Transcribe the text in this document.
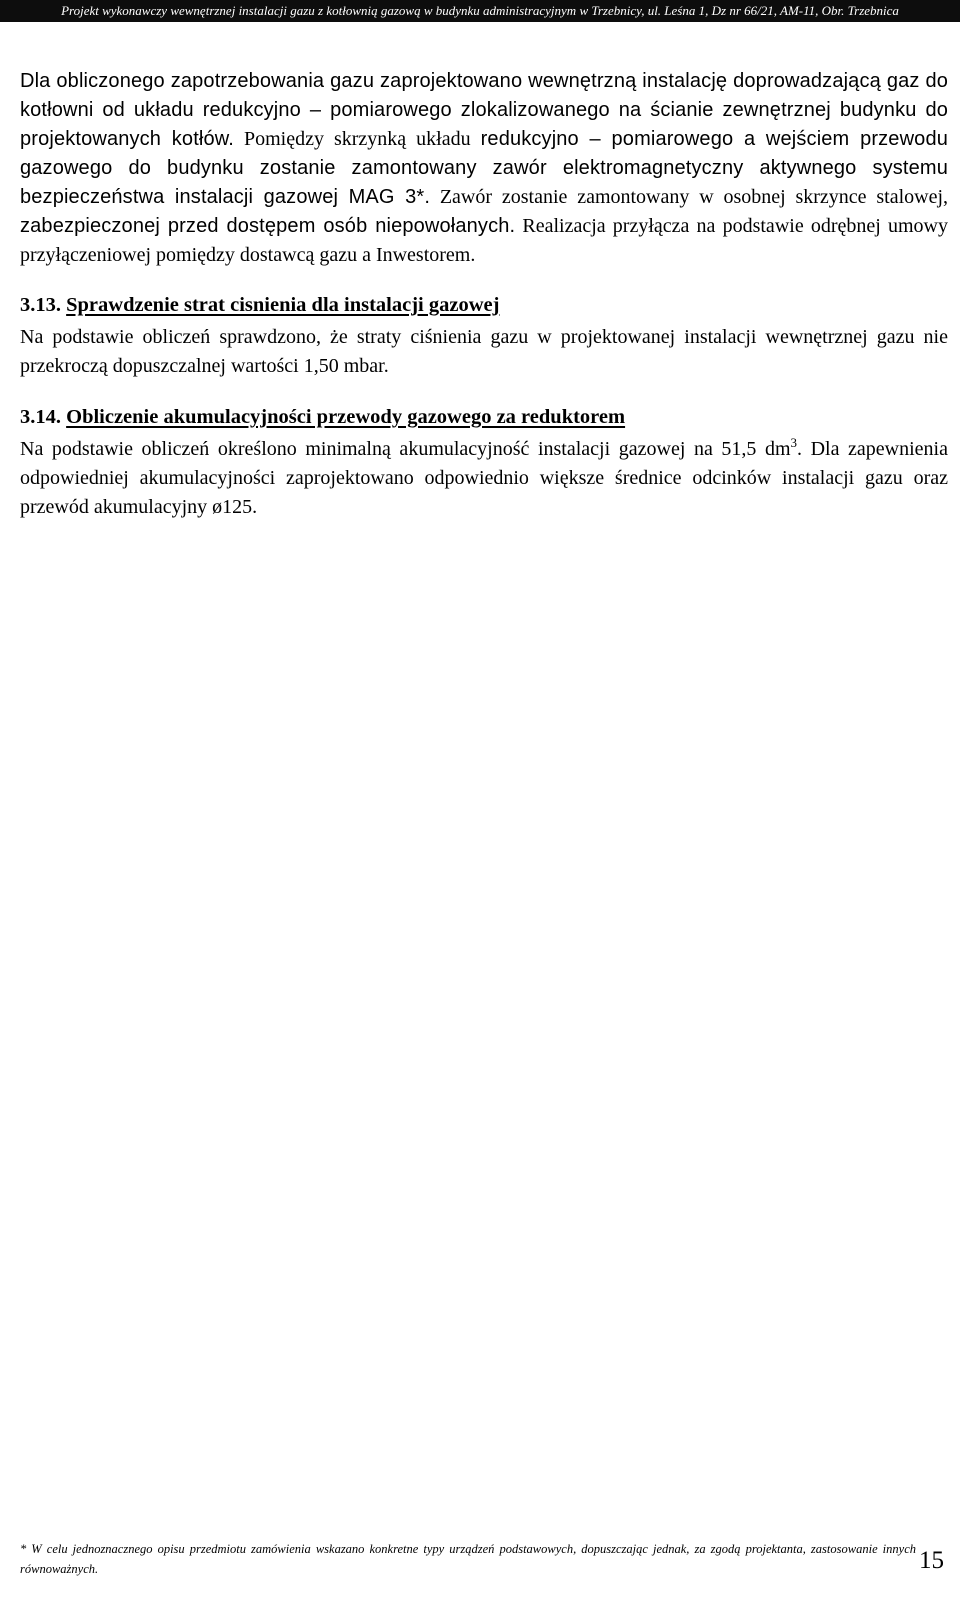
Projekt wykonawczy wewnętrznej instalacji gazu z kotłownią gazową w budynku administracyjnym w Trzebnicy, ul. Leśna 1, Dz nr 66/21, AM-11, Obr. Trzebnica

Dla obliczonego zapotrzebowania gazu zaprojektowano wewnętrzną instalację doprowadzającą gaz do kotłowni od układu redukcyjno – pomiarowego zlokalizowanego na ścianie zewnętrznej budynku do projektowanych kotłów. Pomiędzy skrzynką układu redukcyjno – pomiarowego a wejściem przewodu gazowego do budynku zostanie zamontowany zawór elektromagnetyczny aktywnego systemu bezpieczeństwa instalacji gazowej MAG 3*. Zawór zostanie zamontowany w osobnej skrzynce stalowej, zabezpieczonej przed dostępem osób niepowołanych. Realizacja przyłącza na podstawie odrębnej umowy przyłączeniowej pomiędzy dostawcą gazu a Inwestorem.

3.13. Sprawdzenie strat cisnienia dla instalacji gazowej

Na podstawie obliczeń sprawdzono, że straty ciśnienia gazu w projektowanej instalacji wewnętrznej gazu nie przekroczą dopuszczalnej wartości 1,50 mbar.

3.14. Obliczenie akumulacyjności przewody gazowego za reduktorem

Na podstawie obliczeń określono minimalną akumulacyjność instalacji gazowej na 51,5 $dm^3$. Dla zapewnienia odpowiedniej akumulacyjności zaprojektowano odpowiednio większe średnice odcinków instalacji gazu oraz przewód akumulacyjny ø125.

* W celu jednoznacznego opisu przedmiotu zamówienia wskazano konkretne typy urządzeń podstawowych, dopuszczając jednak, za zgodą projektanta, zastosowanie innych równoważnych.	15
